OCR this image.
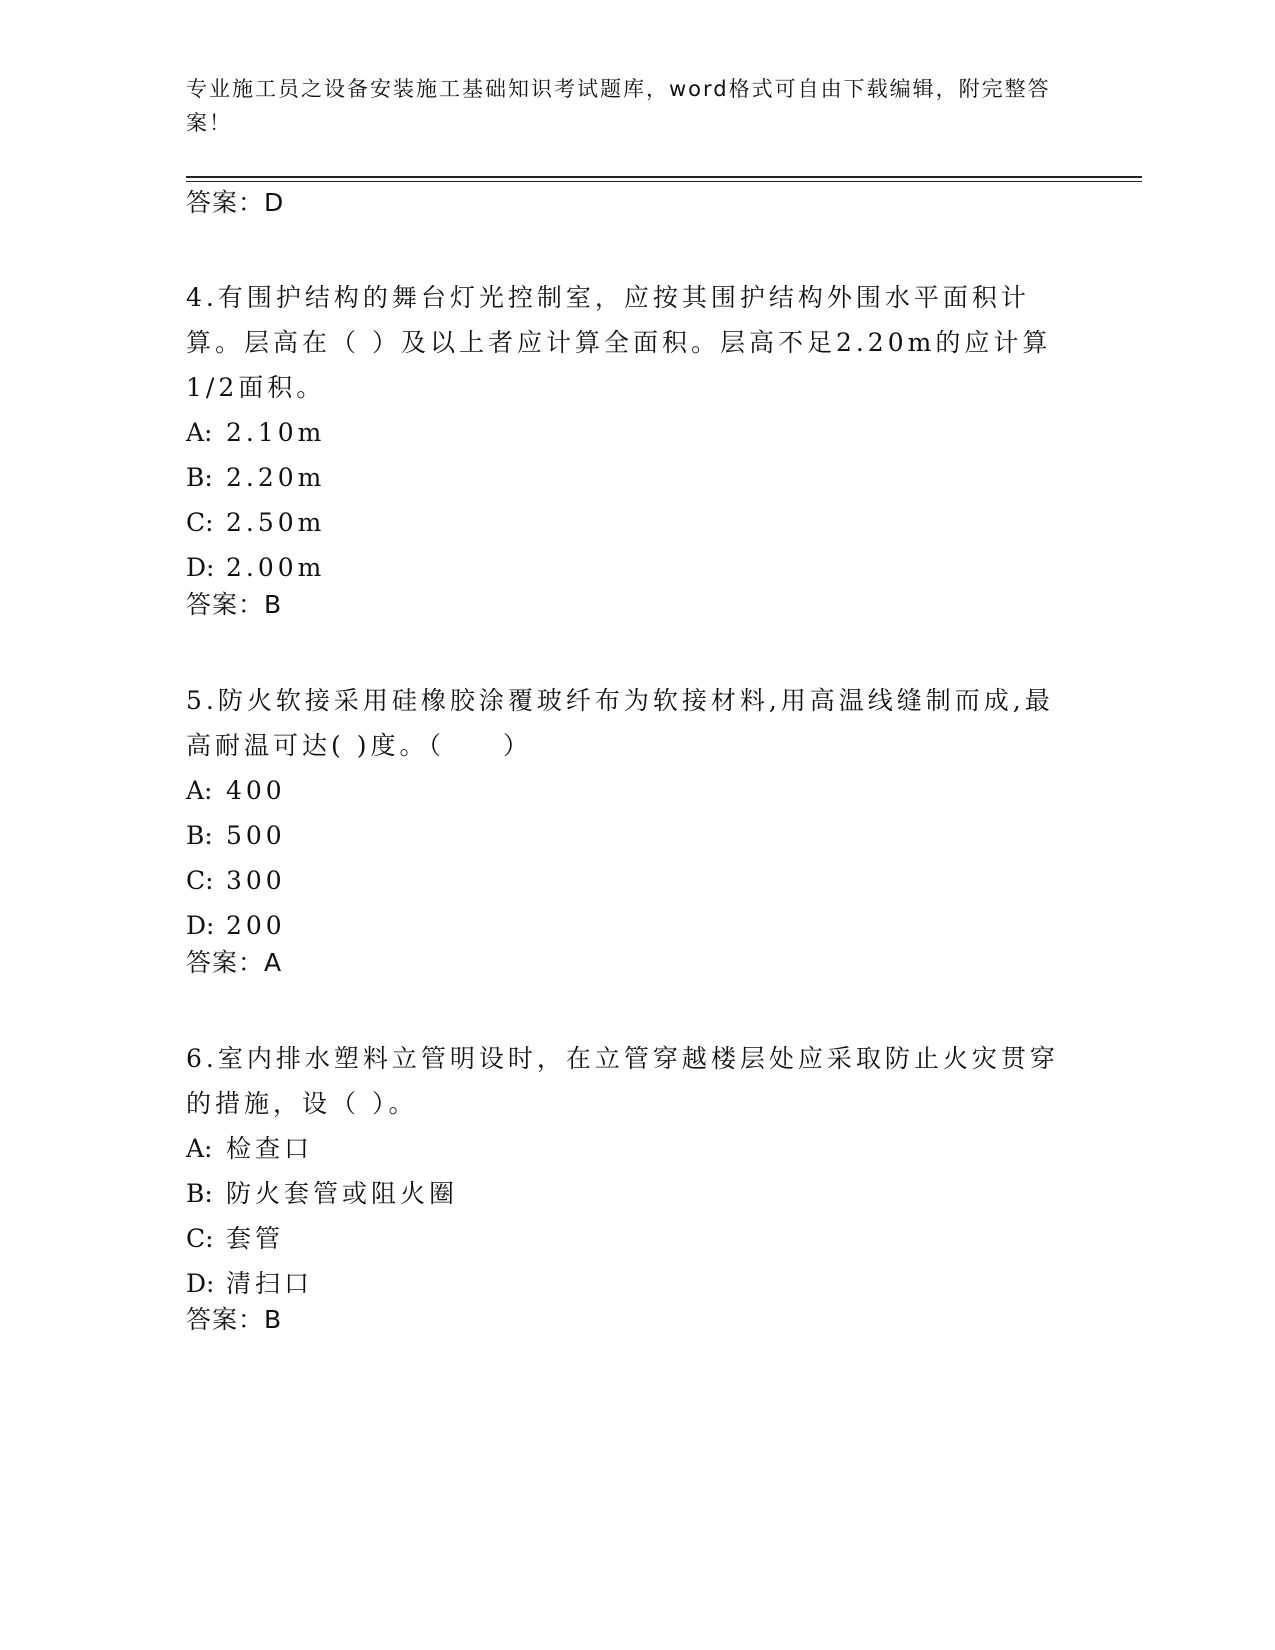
专业施工员之设备安装施工基础知识考试题库，word格式可自由下载编辑，附完整答案！
答案：D

4.有围护结构的舞台灯光控制室，应按其围护结构外围水平面积计算。层高在（ ）及以上者应计算全面积。层高不足2.20m的应计算1/2面积。

A: 2.10m
B: 2.20m
C: 2.50m
D: 2.00m
答案：B

5.防火软接采用硅橡胶涂覆玻纤布为软接材料,用高温线缝制而成,最高耐温可达( )度。（　　）

A: 400
B: 500
C: 300
D: 200
答案：A

6.室内排水塑料立管明设时，在立管穿越楼层处应采取防止火灾贯穿的措施，设（ ）。

A: 检查口
B: 防火套管或阻火圈
C: 套管
D: 清扫口
答案：B
